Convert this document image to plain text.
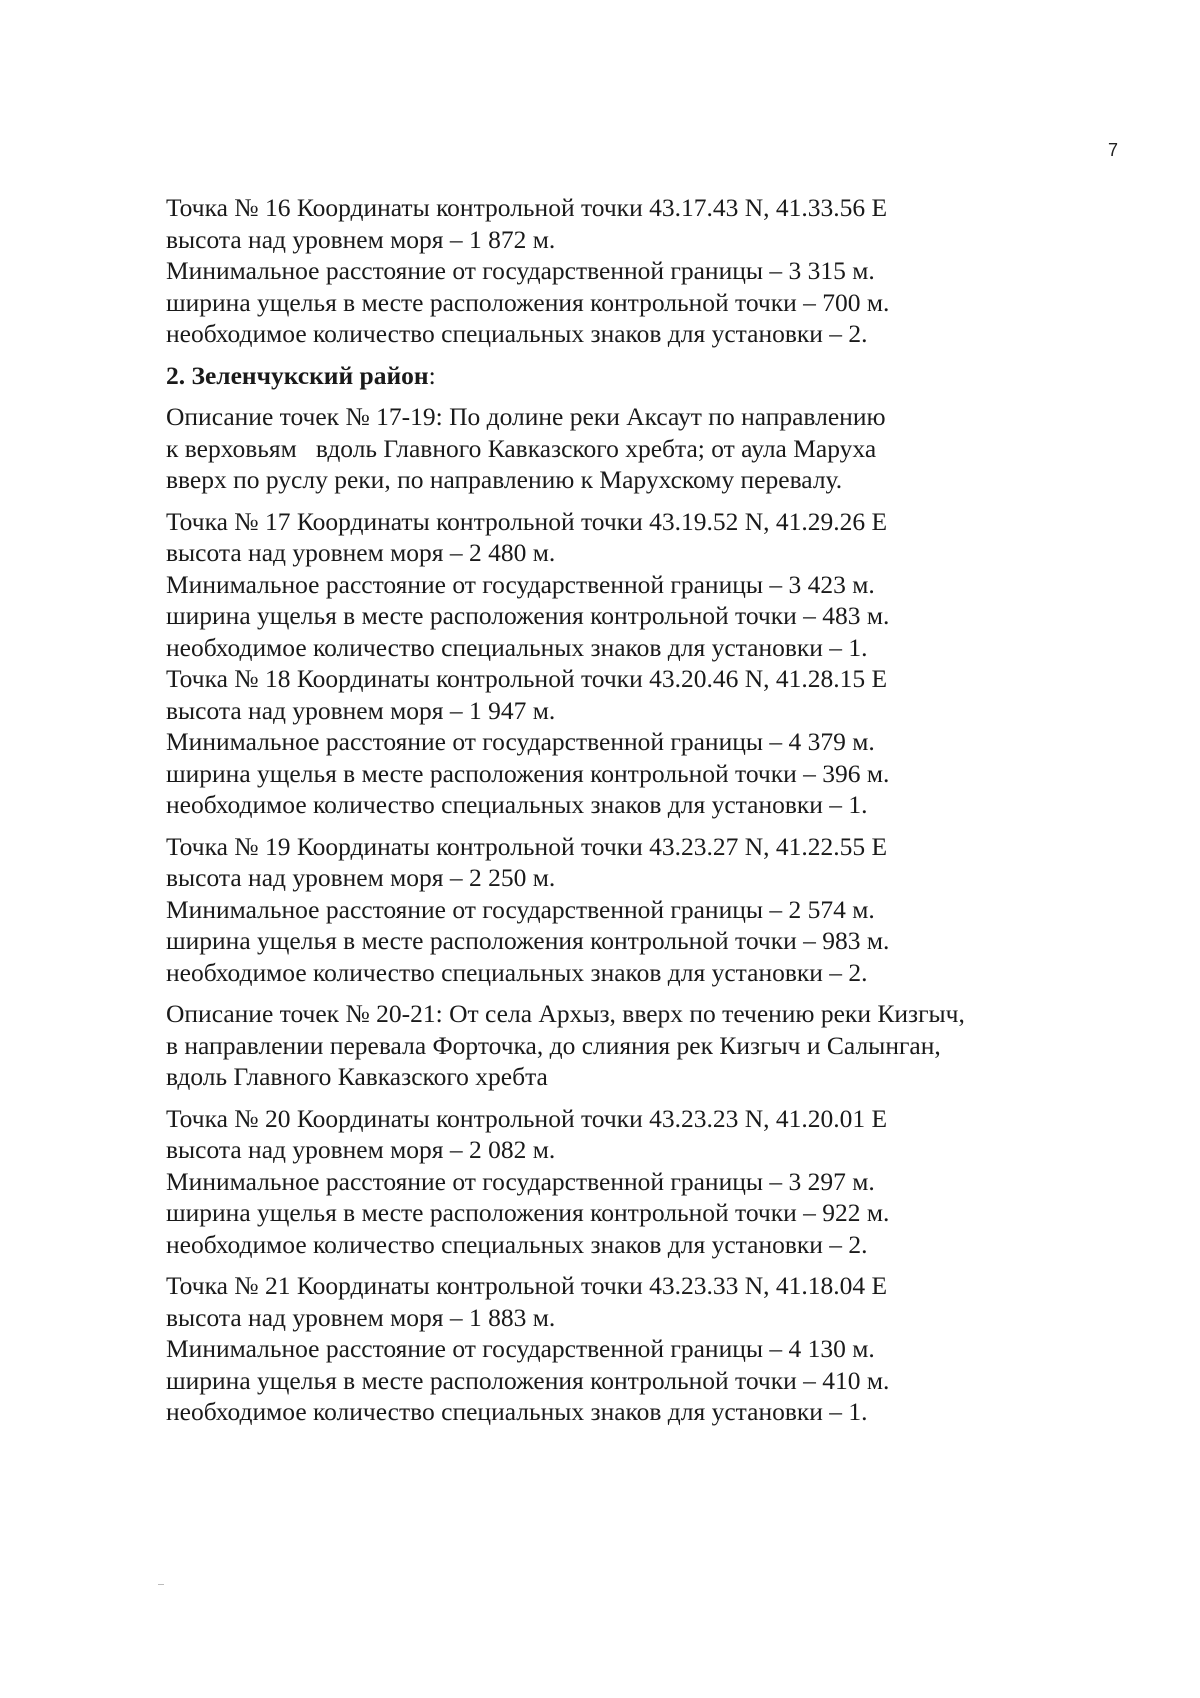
7
Точка № 16 Координаты контрольной точки 43.17.43 N, 41.33.56 E
высота над уровнем моря – 1 872 м.
Минимальное расстояние от государственной границы – 3 315 м.
ширина ущелья в месте расположения контрольной точки – 700 м.
необходимое количество специальных знаков для установки – 2.
2. Зеленчукский район:
Описание точек № 17-19: По долине реки Аксаут по направлению
к верховьям   вдоль Главного Кавказского хребта; от аула Маруха
вверх по руслу реки, по направлению к Марухскому перевалу.
Точка № 17 Координаты контрольной точки 43.19.52 N, 41.29.26 E
высота над уровнем моря – 2 480 м.
Минимальное расстояние от государственной границы – 3 423 м.
ширина ущелья в месте расположения контрольной точки – 483 м.
необходимое количество специальных знаков для установки – 1.
Точка № 18 Координаты контрольной точки 43.20.46 N, 41.28.15 E
высота над уровнем моря – 1 947 м.
Минимальное расстояние от государственной границы – 4 379 м.
ширина ущелья в месте расположения контрольной точки – 396 м.
необходимое количество специальных знаков для установки – 1.
Точка № 19 Координаты контрольной точки 43.23.27 N, 41.22.55 E
высота над уровнем моря – 2 250 м.
Минимальное расстояние от государственной границы – 2 574 м.
ширина ущелья в месте расположения контрольной точки – 983 м.
необходимое количество специальных знаков для установки – 2.
Описание точек № 20-21: От села Архыз, вверх по течению реки Кизгыч,
в направлении перевала Форточка, до слияния рек Кизгыч и Салынган,
вдоль Главного Кавказского хребта
Точка № 20 Координаты контрольной точки 43.23.23 N, 41.20.01 E
высота над уровнем моря – 2 082 м.
Минимальное расстояние от государственной границы – 3 297 м.
ширина ущелья в месте расположения контрольной точки – 922 м.
необходимое количество специальных знаков для установки – 2.
Точка № 21 Координаты контрольной точки 43.23.33 N, 41.18.04 E
высота над уровнем моря – 1 883 м.
Минимальное расстояние от государственной границы – 4 130 м.
ширина ущелья в месте расположения контрольной точки – 410 м.
необходимое количество специальных знаков для установки – 1.
